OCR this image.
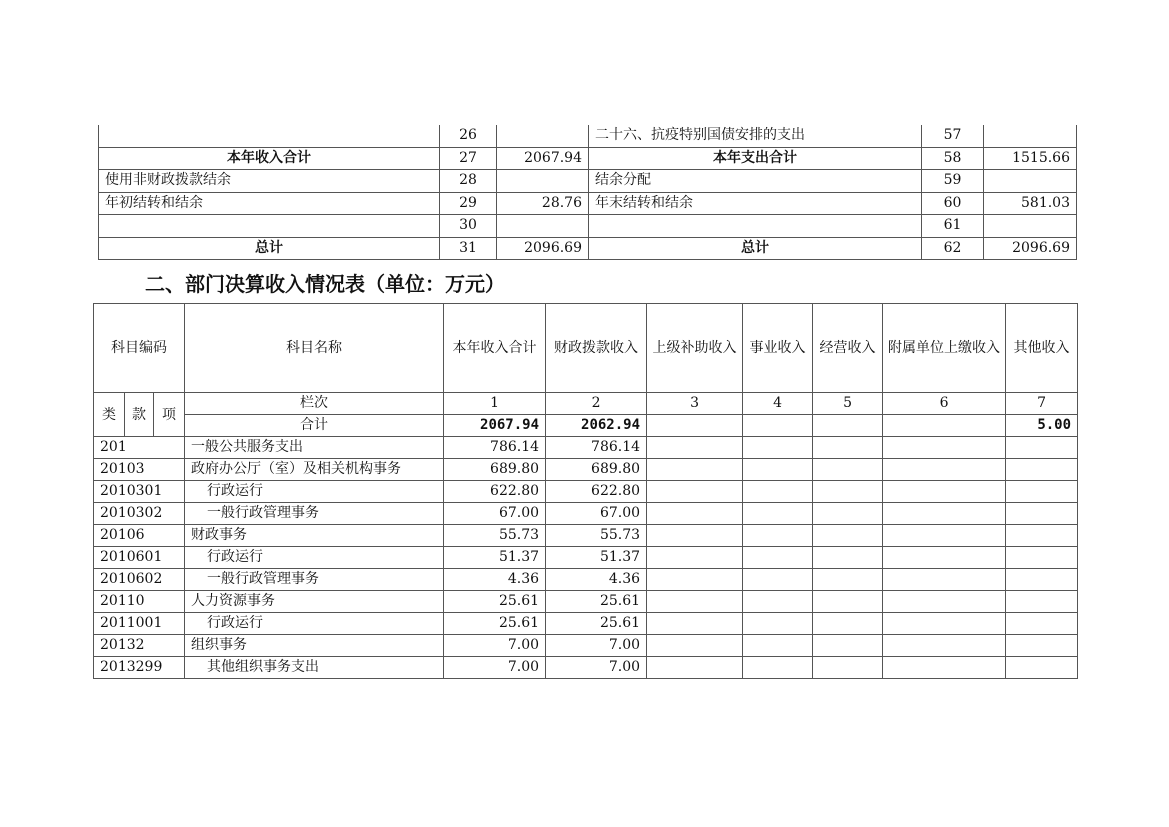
	26		二十六、抗疫特别国债安排的支出	57	
本年收入合计	27	2067.94	本年支出合计	58	1515.66
使用非财政拨款结余	28		结余分配	59	
年初结转和结余	29	28.76	年末结转和结余	60	581.03
	30			61	
总计	31	2096.69	总计	62	2096.69
二、部门决算收入情况表（单位：万元）
科目编码			科目名称	本年收入合计	财政拨款收入	上级补助收入	事业收入	经营收入	附属单位上缴收入	其他收入
类	款	项	栏次	1	2	3	4	5	6	7
			合计	2067.94	2062.94					5.00
201			一般公共服务支出	786.14	786.14					
20103			政府办公厅（室）及相关机构事务	689.80	689.80					
2010301			行政运行	622.80	622.80					
2010302			一般行政管理事务	67.00	67.00					
20106			财政事务	55.73	55.73					
2010601			行政运行	51.37	51.37					
2010602			一般行政管理事务	4.36	4.36					
20110			人力资源事务	25.61	25.61					
2011001			行政运行	25.61	25.61					
20132			组织事务	7.00	7.00					
2013299			其他组织事务支出	7.00	7.00					
